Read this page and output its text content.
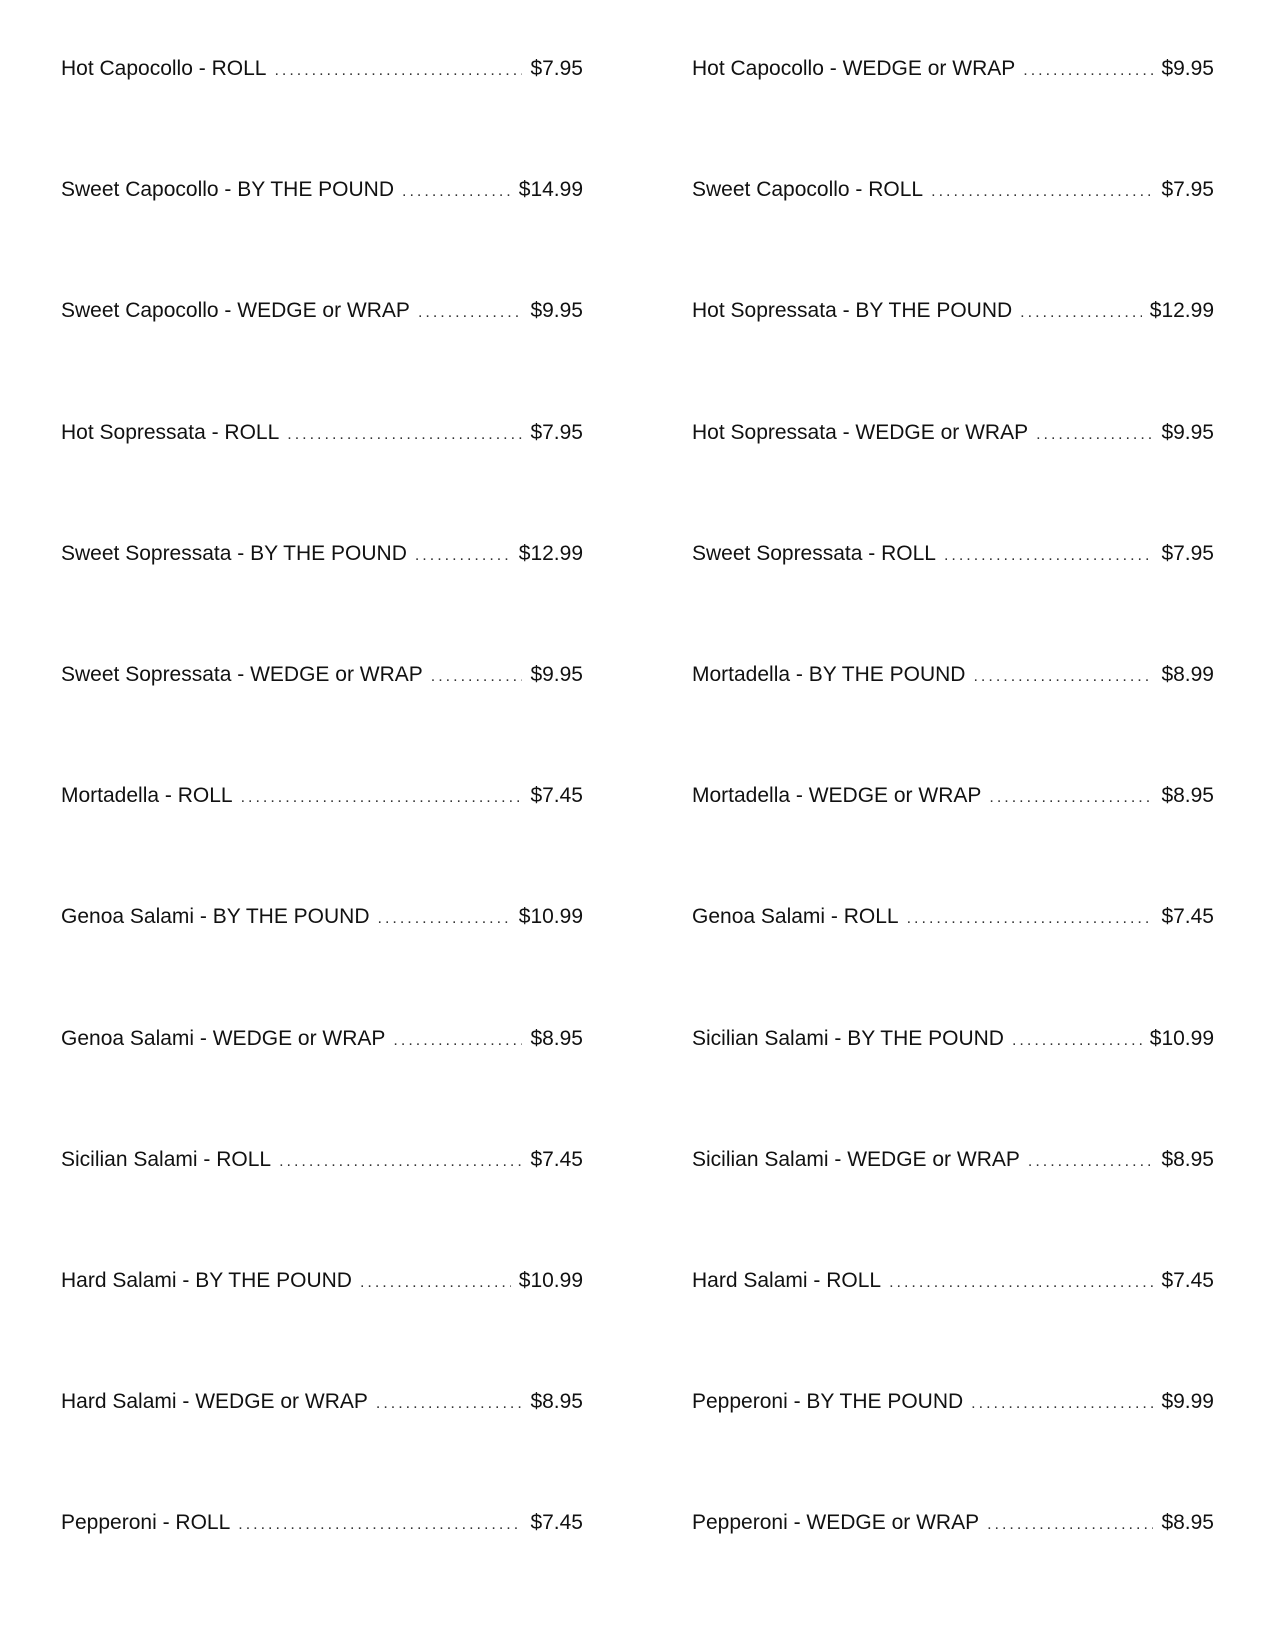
Hot Capocollo - ROLL .....	$7.95
Sweet Capocollo - BY THE POUND .....	$14.99
Sweet Capocollo - WEDGE or WRAP .....	$9.95
Hot Sopressata - ROLL .....	$7.95
Sweet Sopressata - BY THE POUND .....	$12.99
Sweet Sopressata - WEDGE or WRAP .....	$9.95
Mortadella - ROLL .....	$7.45
Genoa Salami - BY THE POUND .....	$10.99
Genoa Salami - WEDGE or WRAP .....	$8.95
Sicilian Salami - ROLL .....	$7.45
Hard Salami - BY THE POUND .....	$10.99
Hard Salami - WEDGE or WRAP .....	$8.95
Pepperoni - ROLL .....	$7.45
Hot Capocollo - WEDGE or WRAP .....	$9.95
Sweet Capocollo - ROLL .....	$7.95
Hot Sopressata - BY THE POUND .....	$12.99
Hot Sopressata - WEDGE or WRAP .....	$9.95
Sweet Sopressata - ROLL .....	$7.95
Mortadella - BY THE POUND .....	$8.99
Mortadella - WEDGE or WRAP .....	$8.95
Genoa Salami - ROLL .....	$7.45
Sicilian Salami - BY THE POUND .....	$10.99
Sicilian Salami - WEDGE or WRAP .....	$8.95
Hard Salami - ROLL .....	$7.45
Pepperoni - BY THE POUND .....	$9.99
Pepperoni - WEDGE or WRAP .....	$8.95
